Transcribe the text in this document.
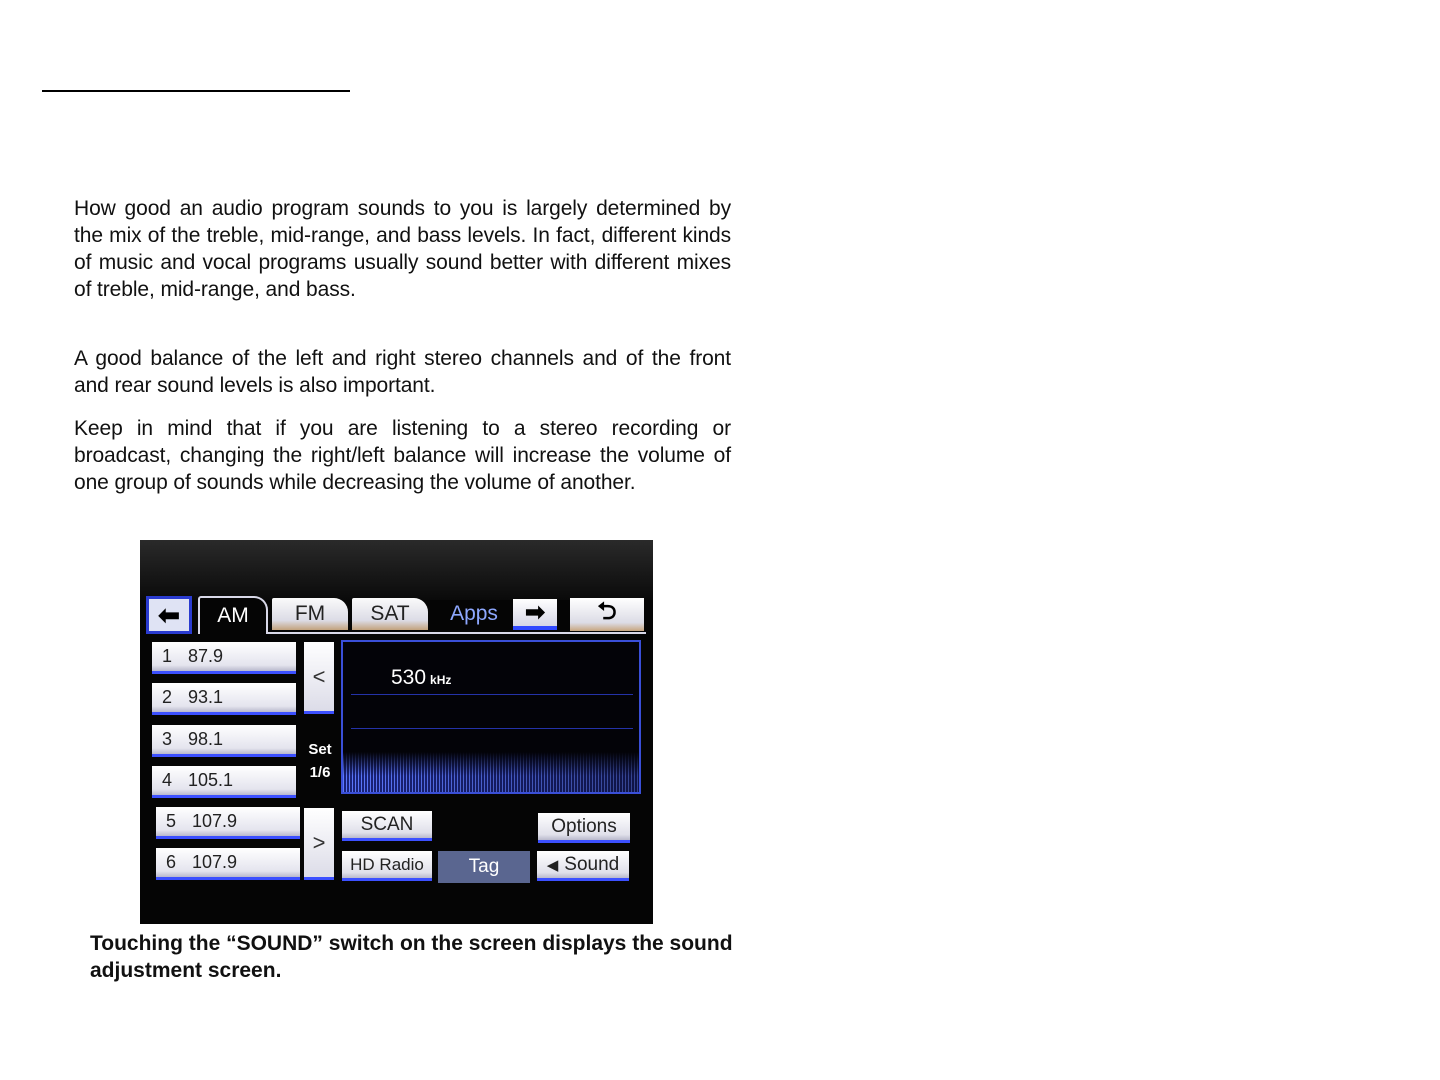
How good an audio program sounds to you is largely determined by the mix of the treble, mid-range, and bass levels. In fact, different kinds of music and vocal programs usually sound better with different mixes of treble, mid-range, and bass.

A good balance of the left and right stereo channels and of the front and rear sound levels is also important.

Keep in mind that if you are listening to a stereo recording or broadcast, changing the right/left balance will increase the volume of one group of sounds while decreasing the volume of another.

⬅ AM FM SAT Apps ➡ ⮌
1 87.9
2 93.1
3 98.1
4 105.1
5 107.9
6 107.9
<
Set
1/6
>
530 kHz
SCAN	Options
HD Radio Tag	◀ Sound

Touching the “SOUND” switch on the screen displays the sound adjustment screen.
